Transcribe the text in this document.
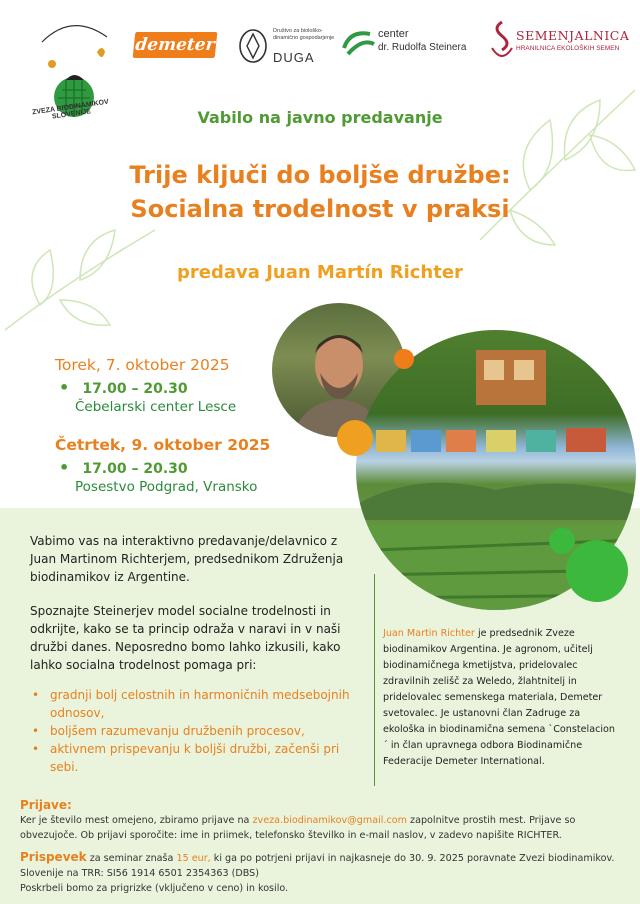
ZVEZA BIODINAMIKOV SLOVENIJE
demeter
Društvo za biološko-dinamično gospodarjenje
DUGA
center
dr. Rudolfa Steinera
SEMENJALNICA
HRANILNICA EKOLOŠKIH SEMEN
Vabilo na javno predavanje
Trije ključi do boljše družbe:
Socialna trodelnost v praksi
predava Juan Martín Richter
Torek, 7. oktober 2025
• 17.00 – 20.30
Čebelarski center Lesce
Četrtek, 9. oktober 2025
• 17.00 – 20.30
Posestvo Podgrad, Vransko
Vabimo vas na interaktivno predavanje/delavnico z Juan Martinom Richterjem, predsednikom Združenja biodinamikov iz Argentine.
Spoznajte Steinerjev model socialne trodelnosti in odkrijte, kako se ta princip odraža v naravi in v naši družbi danes. Neposredno bomo lahko izkusili, kako lahko socialna trodelnost pomaga pri:
• gradnji bolj celostnih in harmoničnih medsebojnih odnosov,
• boljšem razumevanju družbenih procesov,
• aktivnem prispevanju k boljši družbi, začenši pri sebi.
Juan Martin Richter je predsednik Zveze biodinamikov Argentina. Je agronom, učitelj biodinamičnega kmetijstva, pridelovalec zdravilnih zelišč za Weledo, žlahtnitelj in pridelovalec semenskega materiala, Demeter svetovalec. Je ustanovni član Zadruge za ekološka in biodinamična semena `Constelacion´ in član upravnega odbora Biodinamične Federacije Demeter International.
Prijave:
Ker je število mest omejeno, zbiramo prijave na zveza.biodinamikov@gmail.com zapolnitve prostih mest. Prijave so obvezujoče. Ob prijavi sporočite: ime in priimek, telefonsko številko in e-mail naslov, v zadevo napišite RICHTER.
Prispevek za seminar znaša 15 eur, ki ga po potrjeni prijavi in najkasneje do 30. 9. 2025 poravnate Zvezi biodinamikov. Slovenije na TRR: SI56 1914 6501 2354363 (DBS)
Poskrbeli bomo za prigrizke (vključeno v ceno) in kosilo.
